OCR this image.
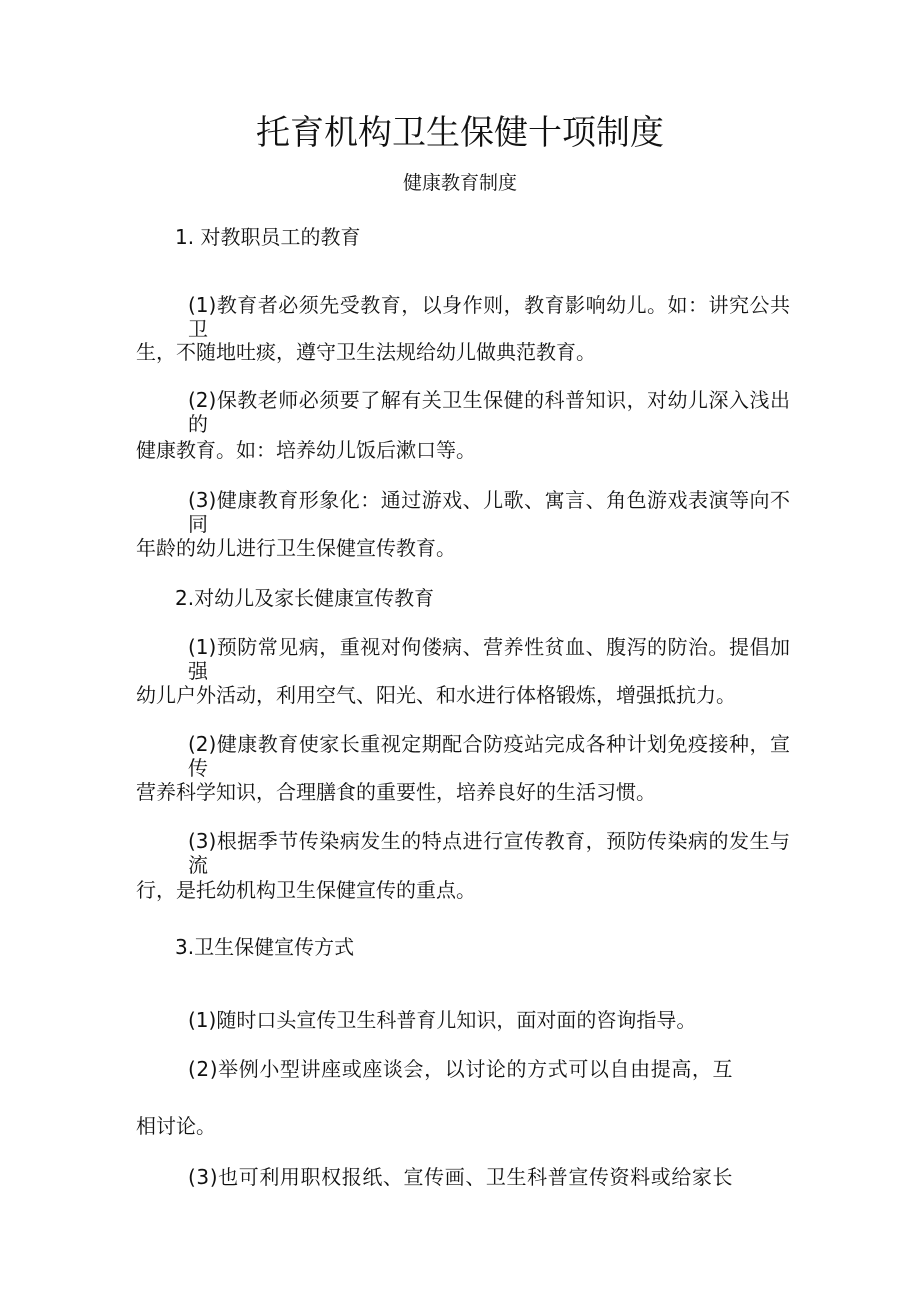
托育机构卫生保健十项制度
健康教育制度
1. 对教职员工的教育
(1)教育者必须先受教育，以身作则，教育影响幼儿。如：讲究公共卫
生，不随地吐痰，遵守卫生法规给幼儿做典范教育。
(2)保教老师必须要了解有关卫生保健的科普知识，对幼儿深入浅出的
健康教育。如：培养幼儿饭后漱口等。
(3)健康教育形象化：通过游戏、儿歌、寓言、角色游戏表演等向不同
年龄的幼儿进行卫生保健宣传教育。
2.对幼儿及家长健康宣传教育
(1)预防常见病，重视对佝偻病、营养性贫血、腹泻的防治。提倡加强
幼儿户外活动，利用空气、阳光、和水进行体格锻炼，增强抵抗力。
(2)健康教育使家长重视定期配合防疫站完成各种计划免疫接种，宣传
营养科学知识，合理膳食的重要性，培养良好的生活习惯。
(3)根据季节传染病发生的特点进行宣传教育，预防传染病的发生与流
行，是托幼机构卫生保健宣传的重点。
3.卫生保健宣传方式
(1)随时口头宣传卫生科普育儿知识，面对面的咨询指导。
(2)举例小型讲座或座谈会，以讨论的方式可以自由提高，互
相讨论。
(3)也可利用职权报纸、宣传画、卫生科普宣传资料或给家长
